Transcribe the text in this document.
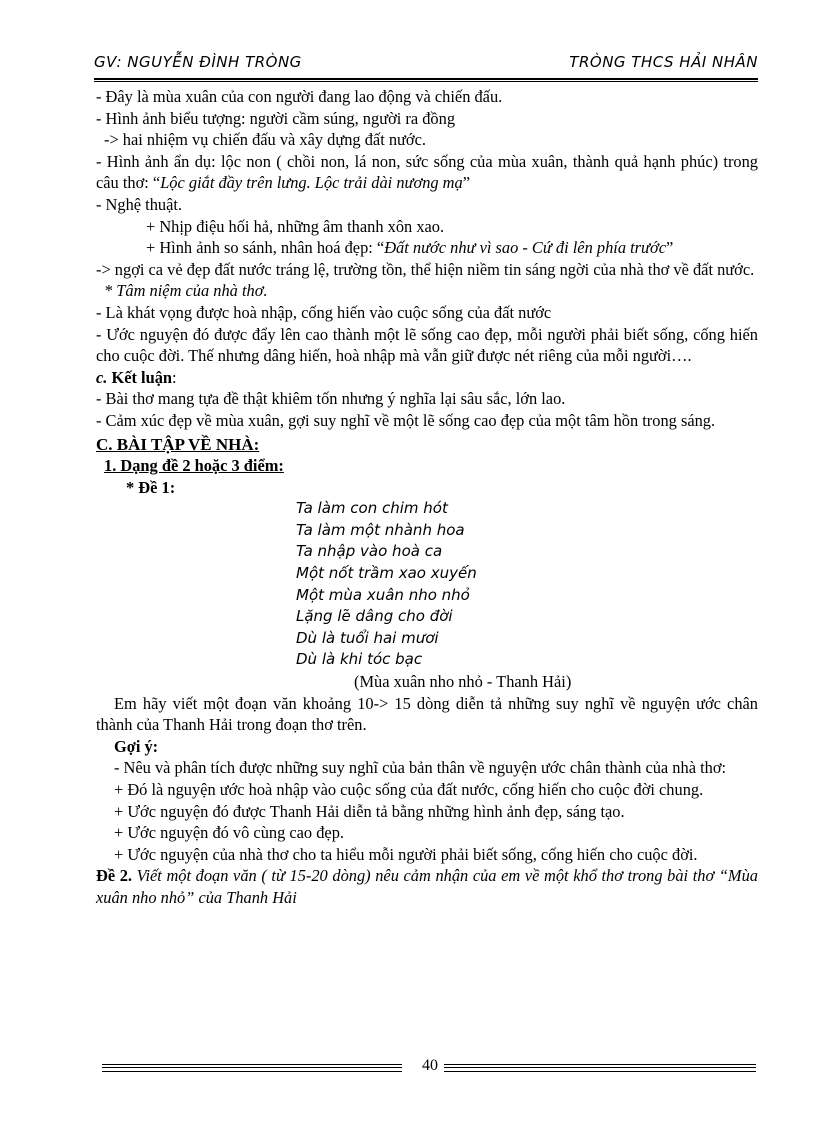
GV: NGUYỄN ĐÌNH TRÒNG	TRÒNG THCS HẢI NHÂN

- Đây là mùa xuân của con người đang lao động và chiến đấu.

- Hình ảnh biểu tượng: người cầm súng, người ra đồng

-> hai nhiệm vụ chiến đấu và xây dựng đất nước.

- Hình ảnh ẩn dụ: lộc non ( chồi non, lá non, sức sống của mùa xuân, thành quả hạnh phúc) trong câu thơ: “Lộc giắt đầy trên lưng. Lộc trải dài nương mạ”

- Nghệ thuật.

+ Nhịp điệu hối hả, những âm thanh xôn xao.

+ Hình ảnh so sánh, nhân hoá đẹp: “Đất nước như vì sao - Cứ đi lên phía trước”

-> ngợi ca vẻ đẹp đất nước tráng lệ, trường tồn, thể hiện niềm tin sáng ngời của nhà thơ về đất nước.

* Tâm niệm của nhà thơ.

- Là khát vọng được hoà nhập, cống hiến vào cuộc sống của đất nước

- Ước nguyện đó được đẩy lên cao thành một lẽ sống cao đẹp, mỗi người phải biết sống, cống hiến cho cuộc đời. Thế nhưng dâng hiến, hoà nhập mà vẫn giữ được nét riêng của mỗi người….

c. Kết luận:

- Bài thơ mang tựa đề thật khiêm tốn nhưng ý nghĩa lại sâu sắc, lớn lao.

- Cảm xúc đẹp về mùa xuân, gợi suy nghĩ về một lẽ sống cao đẹp của một tâm hồn trong sáng.

C. BÀI TẬP VỀ NHÀ:

1. Dạng đề 2 hoặc 3 điểm:

* Đề 1:

Ta làm con chim hót
Ta làm một nhành hoa
Ta nhập vào hoà ca
Một nốt trầm xao xuyến
Một mùa xuân nho nhỏ
Lặng lẽ dâng cho đời
Dù là tuổi hai mươi
Dù là khi tóc bạc

(Mùa xuân nho nhỏ - Thanh Hải)

Em hãy viết một đoạn văn khoảng 10-> 15 dòng diễn tả những suy nghĩ về nguyện ước chân thành của Thanh Hải trong đoạn thơ trên.

Gợi ý:

- Nêu và phân tích được những suy nghĩ của bản thân về nguyện ước chân thành của nhà thơ:

+ Đó là nguyện ước hoà nhập vào cuộc sống của đất nước, cống hiến cho cuộc đời chung.

+ Ước nguyện đó được Thanh Hải diễn tả bằng những hình ảnh đẹp, sáng tạo.

+ Ước nguyện đó vô cùng cao đẹp.

+ Ước nguyện của nhà thơ cho ta hiểu mỗi người phải biết sống, cống hiến cho cuộc đời.

Đề 2. Viết một đoạn văn ( từ 15-20 dòng) nêu cảm nhận của em về một khổ thơ trong bài thơ “Mùa xuân nho nhỏ” của Thanh Hải

40
